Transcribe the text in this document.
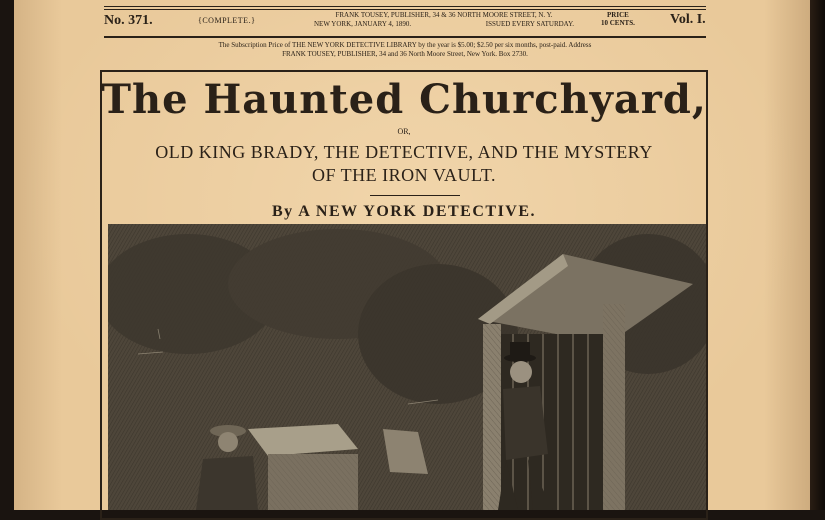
No. 371.	{COMPLETE.}
FRANK TOUSEY, PUBLISHER, 34 & 36 NORTH MOORE STREET, N. Y.
NEW YORK, JANUARY 4, 1890.	ISSUED EVERY SATURDAY.
PRICE
10 CENTS.	Vol. I.
The Subscription Price of THE NEW YORK DETECTIVE LIBRARY by the year is $5.00; $2.50 per six months, post-paid. Address
FRANK TOUSEY, PUBLISHER, 34 and 36 North Moore Street, New York. Box 2730.
The Haunted Churchyard,
OR,
OLD KING BRADY, THE DETECTIVE, AND THE MYSTERY
OF THE IRON VAULT.
By A NEW YORK DETECTIVE.
